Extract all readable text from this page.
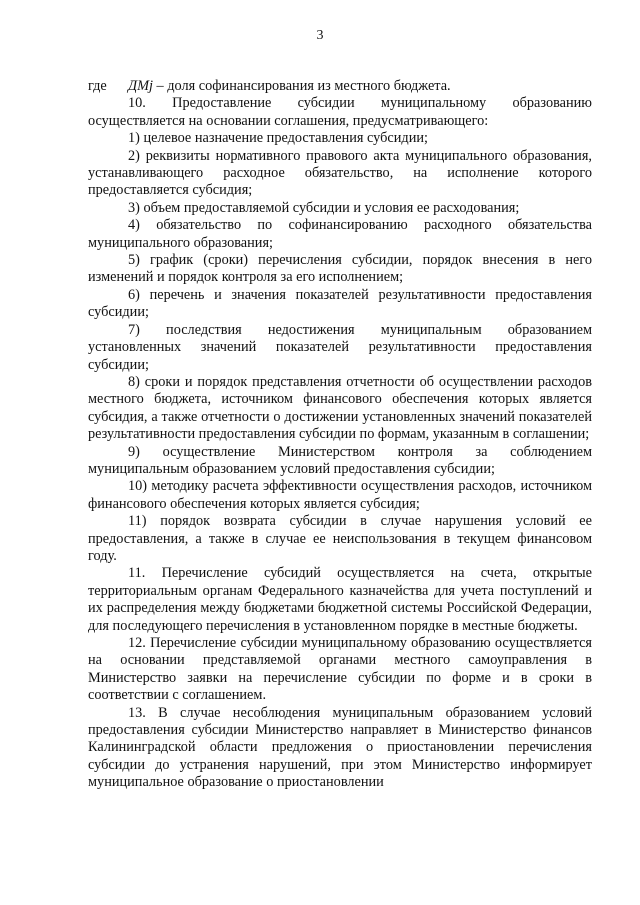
3

где	ДМj – доля софинансирования из местного бюджета.

10. Предоставление субсидии муниципальному образованию осуществляется на основании соглашения, предусматривающего:

1) целевое назначение предоставления субсидии;

2) реквизиты нормативного правового акта муниципального образования, устанавливающего расходное обязательство, на исполнение которого предоставляется субсидия;

3) объем предоставляемой субсидии и условия ее расходования;

4) обязательство по софинансированию расходного обязательства муниципального образования;

5) график (сроки) перечисления субсидии, порядок внесения в него изменений и порядок контроля за его исполнением;

6) перечень и значения показателей результативности предоставления субсидии;

7) последствия недостижения муниципальным образованием установленных значений показателей результативности предоставления субсидии;

8) сроки и порядок представления отчетности об осуществлении расходов местного бюджета, источником финансового обеспечения которых является субсидия, а также отчетности о достижении установленных значений показателей результативности предоставления субсидии по формам, указанным в соглашении;

9) осуществление Министерством контроля за соблюдением муниципальным образованием условий предоставления субсидии;

10) методику расчета эффективности осуществления расходов, источником финансового обеспечения которых является субсидия;

11) порядок возврата субсидии в случае нарушения условий ее предоставления, а также в случае ее неиспользования в текущем финансовом году.

11. Перечисление субсидий осуществляется на счета, открытые территориальным органам Федерального казначейства для учета поступлений и их распределения между бюджетами бюджетной системы Российской Федерации, для последующего перечисления в установленном порядке в местные бюджеты.

12. Перечисление субсидии муниципальному образованию осуществляется на основании представляемой органами местного самоуправления в Министерство заявки на перечисление субсидии по форме и в сроки в соответствии с соглашением.

13. В случае несоблюдения муниципальным образованием условий предоставления субсидии Министерство направляет в Министерство финансов Калининградской области предложения о приостановлении перечисления субсидии до устранения нарушений, при этом Министерство информирует муниципальное образование о приостановлении
